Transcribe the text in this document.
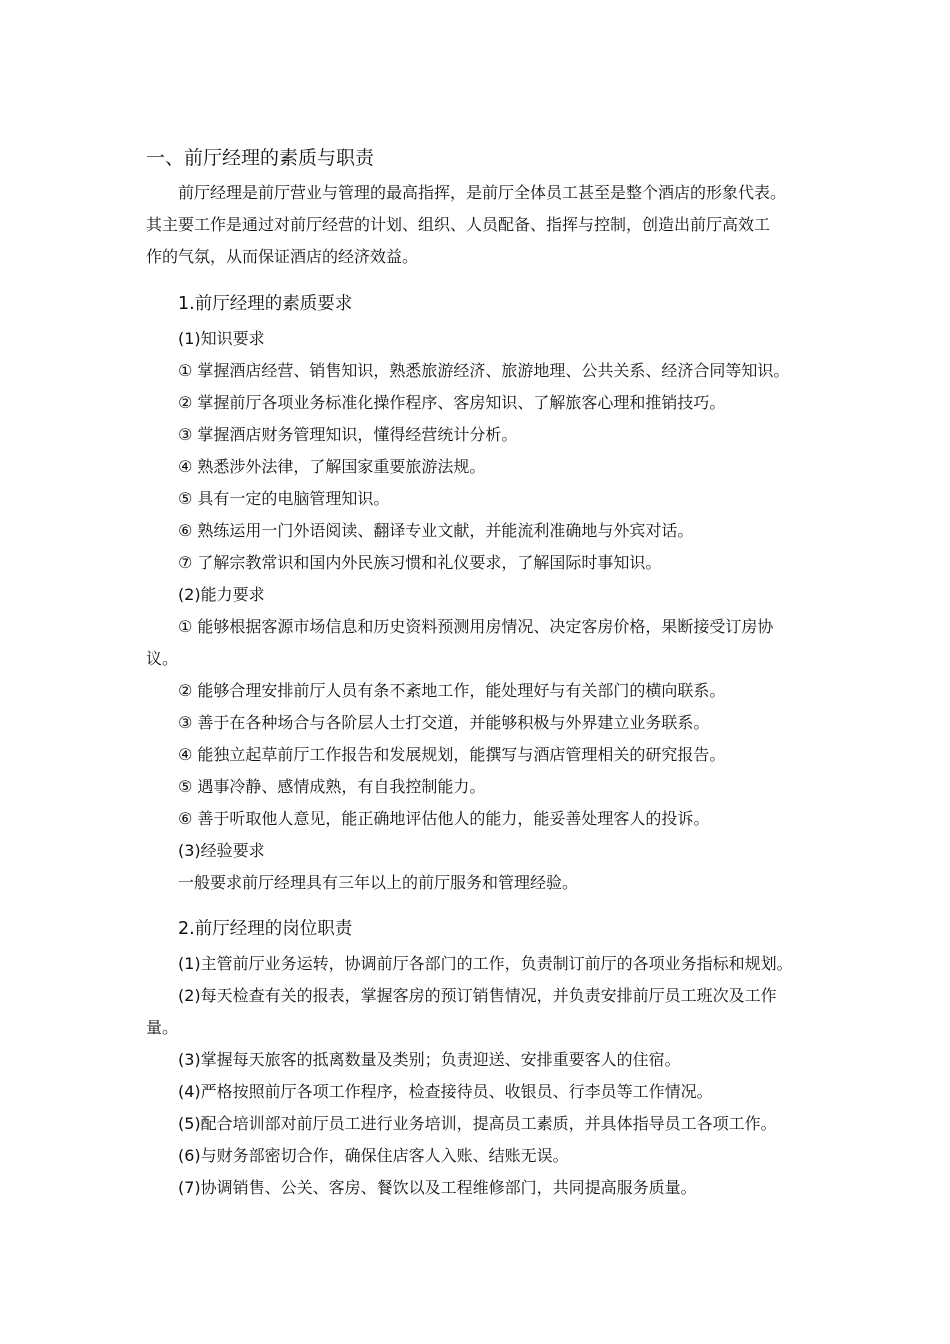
一、前厅经理的素质与职责
前厅经理是前厅营业与管理的最高指挥，是前厅全体员工甚至是整个酒店的形象代表。
其主要工作是通过对前厅经营的计划、组织、人员配备、指挥与控制，创造出前厅高效工
作的气氛，从而保证酒店的经济效益。
1.前厅经理的素质要求
(1)知识要求
① 掌握酒店经营、销售知识，熟悉旅游经济、旅游地理、公共关系、经济合同等知识。
② 掌握前厅各项业务标准化操作程序、客房知识、了解旅客心理和推销技巧。
③ 掌握酒店财务管理知识，懂得经营统计分析。
④ 熟悉涉外法律，了解国家重要旅游法规。
⑤ 具有一定的电脑管理知识。
⑥ 熟练运用一门外语阅读、翻译专业文献，并能流利准确地与外宾对话。
⑦ 了解宗教常识和国内外民族习惯和礼仪要求，了解国际时事知识。
(2)能力要求
① 能够根据客源市场信息和历史资料预测用房情况、决定客房价格，果断接受订房协
议。
② 能够合理安排前厅人员有条不紊地工作，能处理好与有关部门的横向联系。
③ 善于在各种场合与各阶层人士打交道，并能够积极与外界建立业务联系。
④ 能独立起草前厅工作报告和发展规划，能撰写与酒店管理相关的研究报告。
⑤ 遇事冷静、感情成熟，有自我控制能力。
⑥ 善于听取他人意见，能正确地评估他人的能力，能妥善处理客人的投诉。
(3)经验要求
一般要求前厅经理具有三年以上的前厅服务和管理经验。
2.前厅经理的岗位职责
(1)主管前厅业务运转，协调前厅各部门的工作，负责制订前厅的各项业务指标和规划。
(2)每天检查有关的报表，掌握客房的预订销售情况，并负责安排前厅员工班次及工作
量。
(3)掌握每天旅客的抵离数量及类别；负责迎送、安排重要客人的住宿。
(4)严格按照前厅各项工作程序，检查接待员、收银员、行李员等工作情况。
(5)配合培训部对前厅员工进行业务培训，提高员工素质，并具体指导员工各项工作。
(6)与财务部密切合作，确保住店客人入账、结账无误。
(7)协调销售、公关、客房、餐饮以及工程维修部门，共同提高服务质量。
